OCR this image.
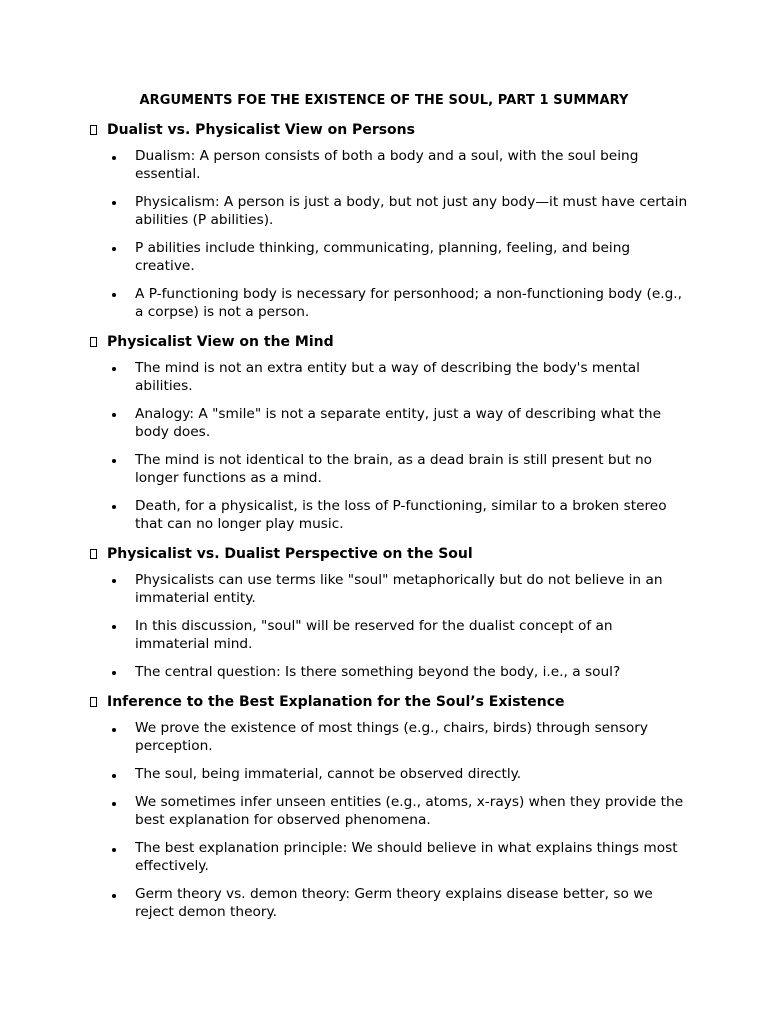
ARGUMENTS FOE THE EXISTENCE OF THE SOUL, PART 1 SUMMARY
Dualist vs. Physicalist View on Persons
Dualism: A person consists of both a body and a soul, with the soul being essential.
Physicalism: A person is just a body, but not just any body—it must have certain abilities (P abilities).
P abilities include thinking, communicating, planning, feeling, and being creative.
A P-functioning body is necessary for personhood; a non-functioning body (e.g., a corpse) is not a person.
Physicalist View on the Mind
The mind is not an extra entity but a way of describing the body's mental abilities.
Analogy: A "smile" is not a separate entity, just a way of describing what the body does.
The mind is not identical to the brain, as a dead brain is still present but no longer functions as a mind.
Death, for a physicalist, is the loss of P-functioning, similar to a broken stereo that can no longer play music.
Physicalist vs. Dualist Perspective on the Soul
Physicalists can use terms like "soul" metaphorically but do not believe in an immaterial entity.
In this discussion, "soul" will be reserved for the dualist concept of an immaterial mind.
The central question: Is there something beyond the body, i.e., a soul?
Inference to the Best Explanation for the Soul’s Existence
We prove the existence of most things (e.g., chairs, birds) through sensory perception.
The soul, being immaterial, cannot be observed directly.
We sometimes infer unseen entities (e.g., atoms, x-rays) when they provide the best explanation for observed phenomena.
The best explanation principle: We should believe in what explains things most effectively.
Germ theory vs. demon theory: Germ theory explains disease better, so we reject demon theory.
